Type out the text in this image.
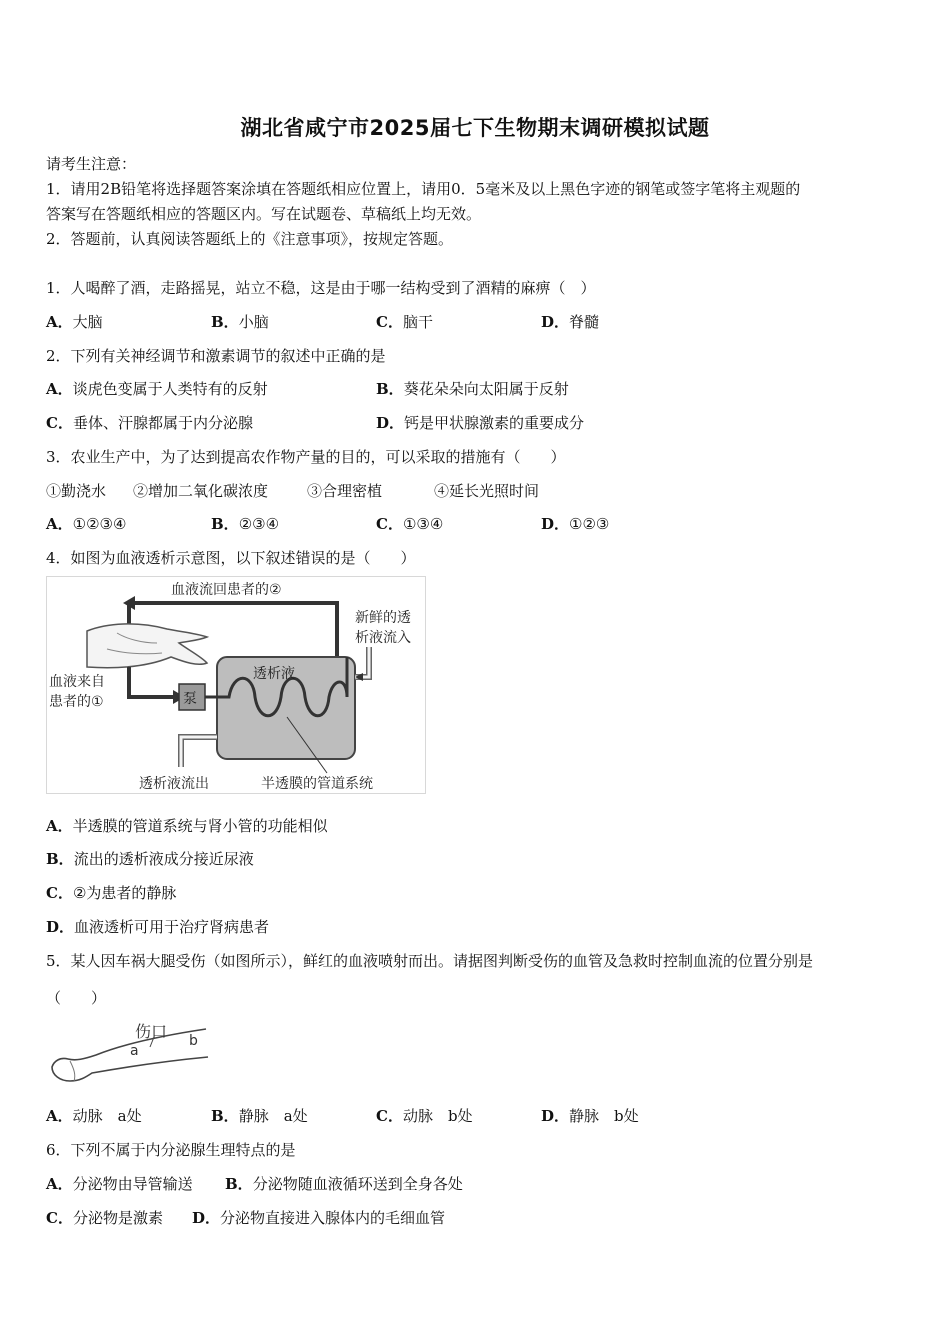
湖北省咸宁市2025届七下生物期末调研模拟试题
请考生注意：
1．请用2B铅笔将选择题答案涂填在答题纸相应位置上，请用0．5毫米及以上黑色字迹的钢笔或签字笔将主观题的
答案写在答题纸相应的答题区内。写在试题卷、草稿纸上均无效。
2．答题前，认真阅读答题纸上的《注意事项》，按规定答题。
1．人喝醉了酒，走路摇晃，站立不稳，这是由于哪一结构受到了酒精的麻痹（　）
A．大脑	B．小脑	C．脑干	D．脊髓
2．下列有关神经调节和激素调节的叙述中正确的是
A．谈虎色变属于人类特有的反射	B．葵花朵朵向太阳属于反射
C．垂体、汗腺都属于内分泌腺	D．钙是甲状腺激素的重要成分
3．农业生产中，为了达到提高农作物产量的目的，可以采取的措施有（　　）
①勤浇水 ②增加二氧化碳浓度	③合理密植	④延长光照时间
A．①②③④	B．②③④	C．①③④	D．①②③
4．如图为血液透析示意图，以下叙述错误的是（　　）
血液流回患者的②
新鲜的透
析液流入
血液来自
患者的①	泵
透析液
透析液流出	半透膜的管道系统
A．半透膜的管道系统与肾小管的功能相似
B．流出的透析液成分接近尿液
C．②为患者的静脉
D．血液透析可用于治疗肾病患者
5．某人因车祸大腿受伤（如图所示），鲜红的血液喷射而出。请据图判断受伤的血管及急救时控制血流的位置分别是
（　　）
伤口
a
b
A．动脉　a处	B．静脉　a处	C．动脉　b处	D．静脉　b处
6．下列不属于内分泌腺生理特点的是
A．分泌物由导管输送 B．分泌物随血液循环送到全身各处
C．分泌物是激素 D．分泌物直接进入腺体内的毛细血管
